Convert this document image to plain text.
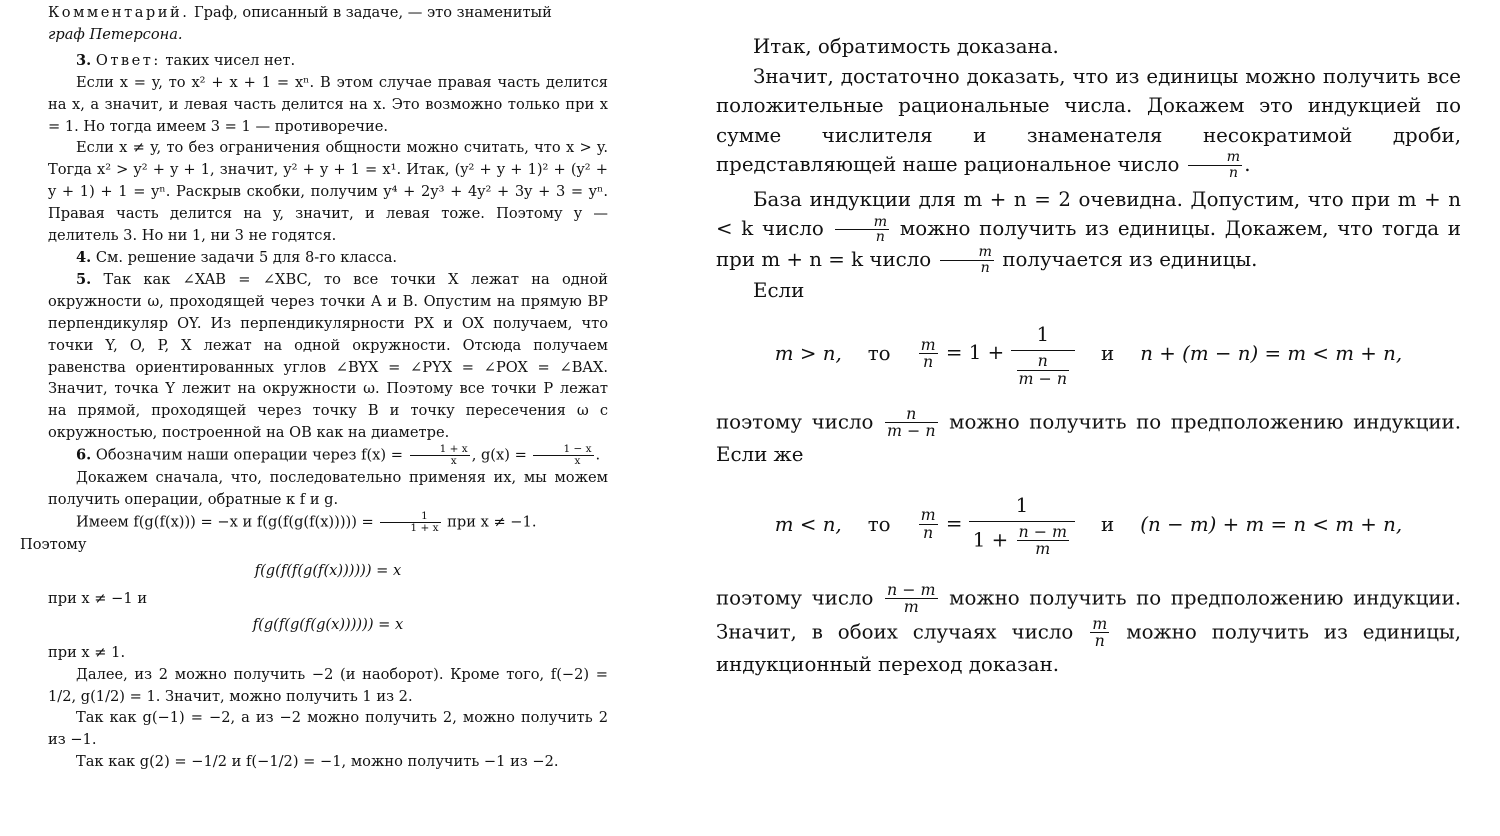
Комментарий. Граф, описанный в задаче, — это знаменитый
граф Петерсона.

3. Ответ: таких чисел нет.

Если x = y, то x² + x + 1 = xⁿ. В этом случае правая часть делится на x, а значит, и левая часть делится на x. Это возможно только при x = 1. Но тогда имеем 3 = 1 — противоречие.

Если x ≠ y, то без ограничения общности можно считать, что x > y. Тогда x² > y² + y + 1, значит, y² + y + 1 = x¹. Итак, (y² + y + 1)² + (y² + y + 1) + 1 = yⁿ. Раскрыв скобки, получим y⁴ + 2y³ + 4y² + 3y + 3 = yⁿ. Правая часть делится на y, значит, и левая тоже. Поэтому y — делитель 3. Но ни 1, ни 3 не годятся.

4. См. решение задачи 5 для 8-го класса.

5. Так как ∠XAB = ∠XBC, то все точки X лежат на одной окружности ω, проходящей через точки A и B. Опустим на прямую BP перпендикуляр OY. Из перпендикулярности PX и OX получаем, что точки Y, O, P, X лежат на одной окружности. Отсюда получаем равенства ориентированных углов ∠BYX = ∠PYX = ∠POX = ∠BAX. Значит, точка Y лежит на окружности ω. Поэтому все точки P лежат на прямой, проходящей через точку B и точку пересечения ω с окружностью, построенной на OB как на диаметре.

6. Обозначим наши операции через $f(x) = \frac{1 + x}{x}$ , $g(x) = \frac{1 - x}{x}$ .

Докажем сначала, что, последовательно применяя их, мы можем получить операции, обратные к f и g.

Имеем f(g(f(x))) = −x и $f(g(f(g(f(x))))) = \frac{1}{1 + x}$ при x ≠ −1.
Поэтому

f(g(f(f(g(f(x)))))) = x

при x ≠ −1 и

f(g(f(g(f(g(x)))))) = x

при x ≠ 1.

Далее, из 2 можно получить −2 (и наоборот). Кроме того, f(−2) = 1/2, g(1/2) = 1. Значит, можно получить 1 из 2.

Так как g(−1) = −2, а из −2 можно получить 2, можно получить 2 из −1.

Так как g(2) = −1/2 и f(−1/2) = −1, можно получить −1 из −2.

Итак, обратимость доказана.

Значит, достаточно доказать, что из единицы можно получить все положительные рациональные числа. Докажем это индукцией по сумме числителя и знаменателя несократимой дроби, представляющей наше рациональное число $\frac{m}{n}$ .

База индукции для m + n = 2 очевидна. Допустим, что при m + n < k число $\frac{m}{n}$ можно получить из единицы. Докажем, что тогда и при m + n = k число $\frac{m}{n}$ получается из единицы.

Если

m > n, то $\frac{m}{n} = 1 + \frac{1}{\frac{n}{m - n}}$ и n + (m − n) = m < m + n,

поэтому число $\frac{n}{m - n}$ можно получить по предположению индукции. Если же

m < n, то $\frac{m}{n} = \frac{1}{1 + \frac{n - m}{m}}$ и (n − m) + m = n < m + n,

поэтому число $\frac{n - m}{m}$ можно получить по предположению индукции. Значит, в обоих случаях число $\frac{m}{n}$ можно получить из единицы, индукционный переход доказан.
